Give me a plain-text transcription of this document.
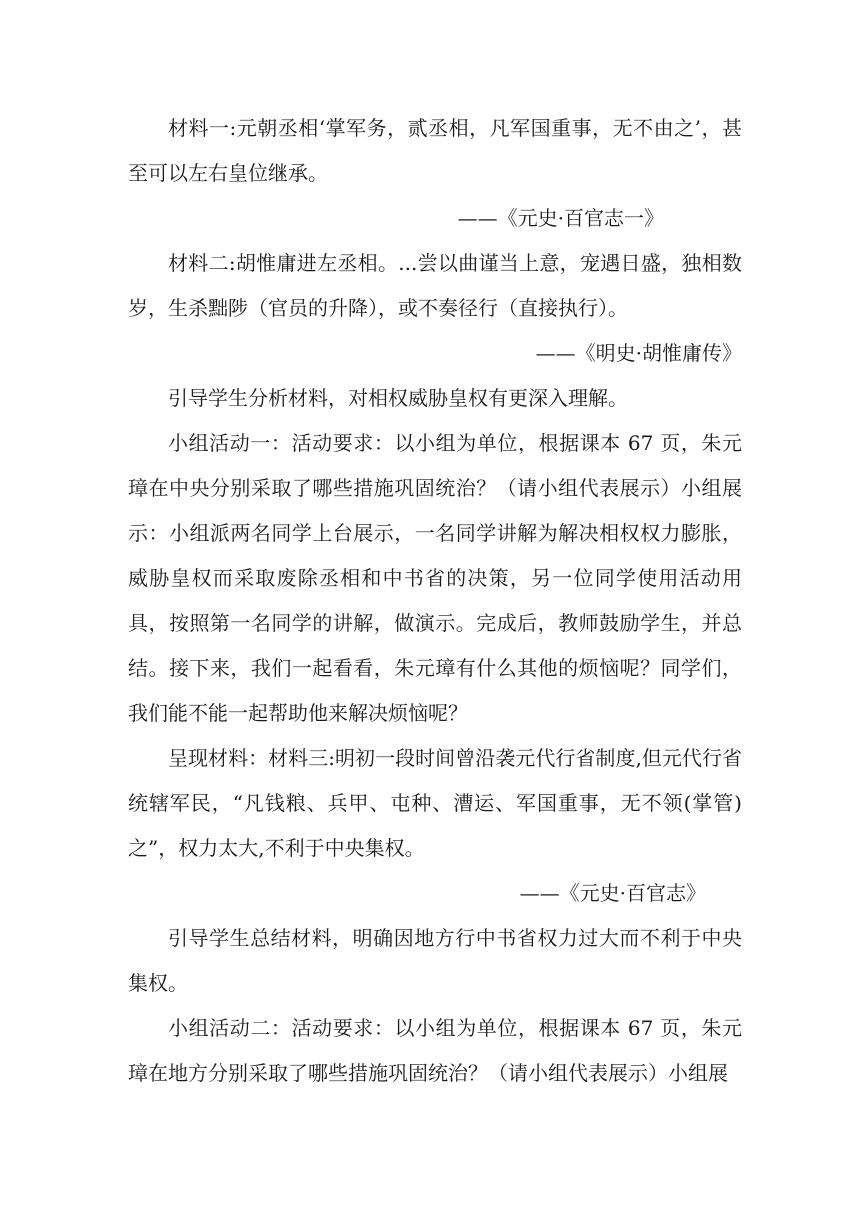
材料一:元朝丞相‘掌军务，贰丞相，凡军国重事，无不由之’，甚至可以左右皇位继承。

——《元史·百官志一》

材料二:胡惟庸进左丞相。...尝以曲谨当上意，宠遇日盛，独相数岁，生杀黜陟（官员的升降），或不奏径行（直接执行）。

——《明史·胡惟庸传》

引导学生分析材料，对相权威胁皇权有更深入理解。

小组活动一：活动要求：以小组为单位，根据课本 67 页，朱元璋在中央分别采取了哪些措施巩固统治？（请小组代表展示）小组展示：小组派两名同学上台展示，一名同学讲解为解决相权权力膨胀，威胁皇权而采取废除丞相和中书省的决策，另一位同学使用活动用具，按照第一名同学的讲解，做演示。完成后，教师鼓励学生，并总结。接下来，我们一起看看，朱元璋有什么其他的烦恼呢？同学们，我们能不能一起帮助他来解决烦恼呢？

呈现材料：材料三:明初一段时间曾沿袭元代行省制度,但元代行省统辖军民，“凡钱粮、兵甲、屯种、漕运、军国重事，无不领(掌管)之”，权力太大,不利于中央集权。

——《元史·百官志》

引导学生总结材料，明确因地方行中书省权力过大而不利于中央集权。

小组活动二：活动要求：以小组为单位，根据课本 67 页，朱元璋在地方分别采取了哪些措施巩固统治？（请小组代表展示）小组展
